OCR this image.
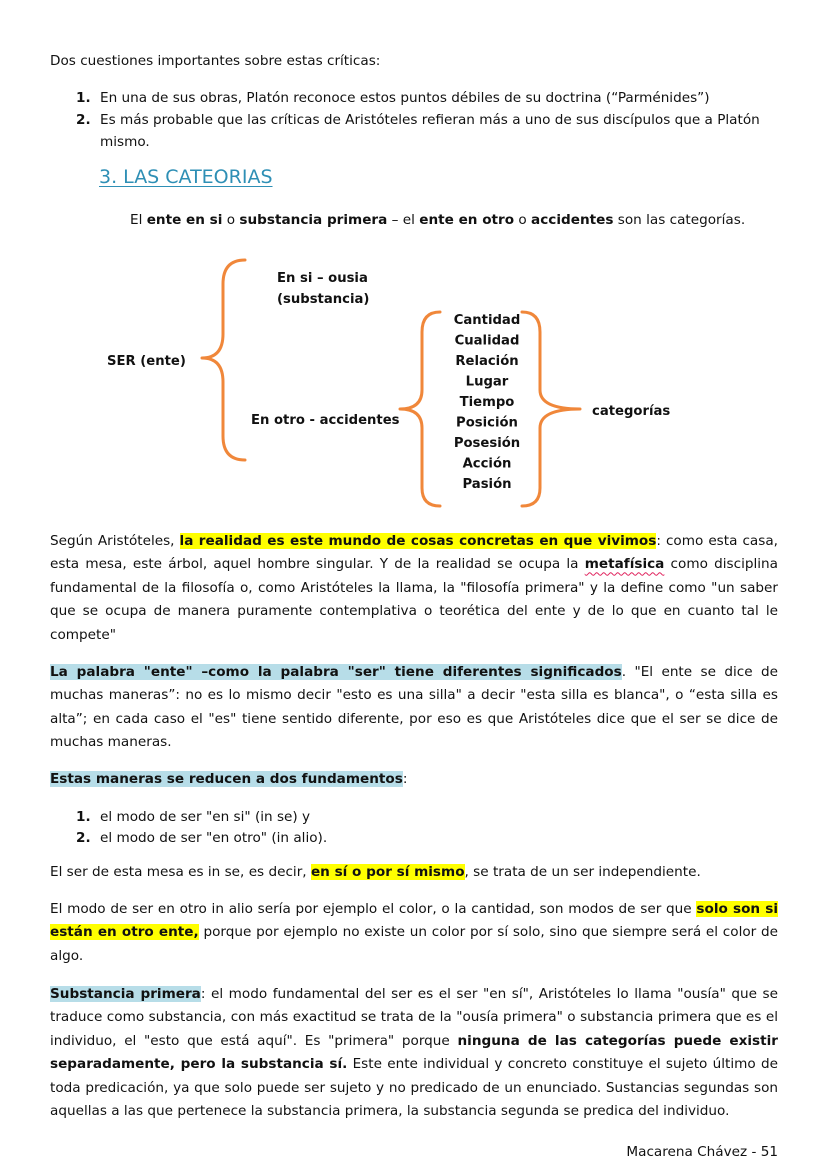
Dos cuestiones importantes sobre estas críticas:
1. En una de sus obras, Platón reconoce estos puntos débiles de su doctrina (“Parménides”)
2. Es más probable que las críticas de Aristóteles refieran más a uno de sus discípulos que a Platón
mismo.
3. LAS CATEORIAS
El ente en si o substancia primera – el ente en otro o accidentes son las categorías.
SER (ente)
En si – ousia
(substancia)
En otro - accidentes
Cantidad
Cualidad
Relación
Lugar
Tiempo
Posición
Posesión
Acción
Pasión
categorías

Según Aristóteles, la realidad es este mundo de cosas concretas en que vivimos: como esta casa, esta mesa, este árbol, aquel hombre singular. Y de la realidad se ocupa la metafísica como disciplina fundamental de la filosofía o, como Aristóteles la llama, la "filosofía primera" y la define como "un saber que se ocupa de manera puramente contemplativa o teorética del ente y de lo que en cuanto tal le compete"

La palabra "ente" –como la palabra "ser" tiene diferentes significados. "El ente se dice de muchas maneras”: no es lo mismo decir "esto es una silla" a decir "esta silla es blanca", o “esta silla es alta”; en cada caso el "es" tiene sentido diferente, por eso es que Aristóteles dice que el ser se dice de muchas maneras.

Estas maneras se reducen a dos fundamentos:

1. el modo de ser "en si" (in se) y
2. el modo de ser "en otro" (in alio).

El ser de esta mesa es in se, es decir, en sí o por sí mismo, se trata de un ser independiente.

El modo de ser en otro in alio sería por ejemplo el color, o la cantidad, son modos de ser que solo son si están en otro ente, porque por ejemplo no existe un color por sí solo, sino que siempre será el color de algo.

Substancia primera: el modo fundamental del ser es el ser "en sí", Aristóteles lo llama "ousía" que se traduce como substancia, con más exactitud se trata de la "ousía primera" o substancia primera que es el individuo, el "esto que está aquí". Es "primera" porque ninguna de las categorías puede existir separadamente, pero la substancia sí. Este ente individual y concreto constituye el sujeto último de toda predicación, ya que solo puede ser sujeto y no predicado de un enunciado. Sustancias segundas son aquellas a las que pertenece la substancia primera, la substancia segunda se predica del individuo.

Macarena Chávez - 51
